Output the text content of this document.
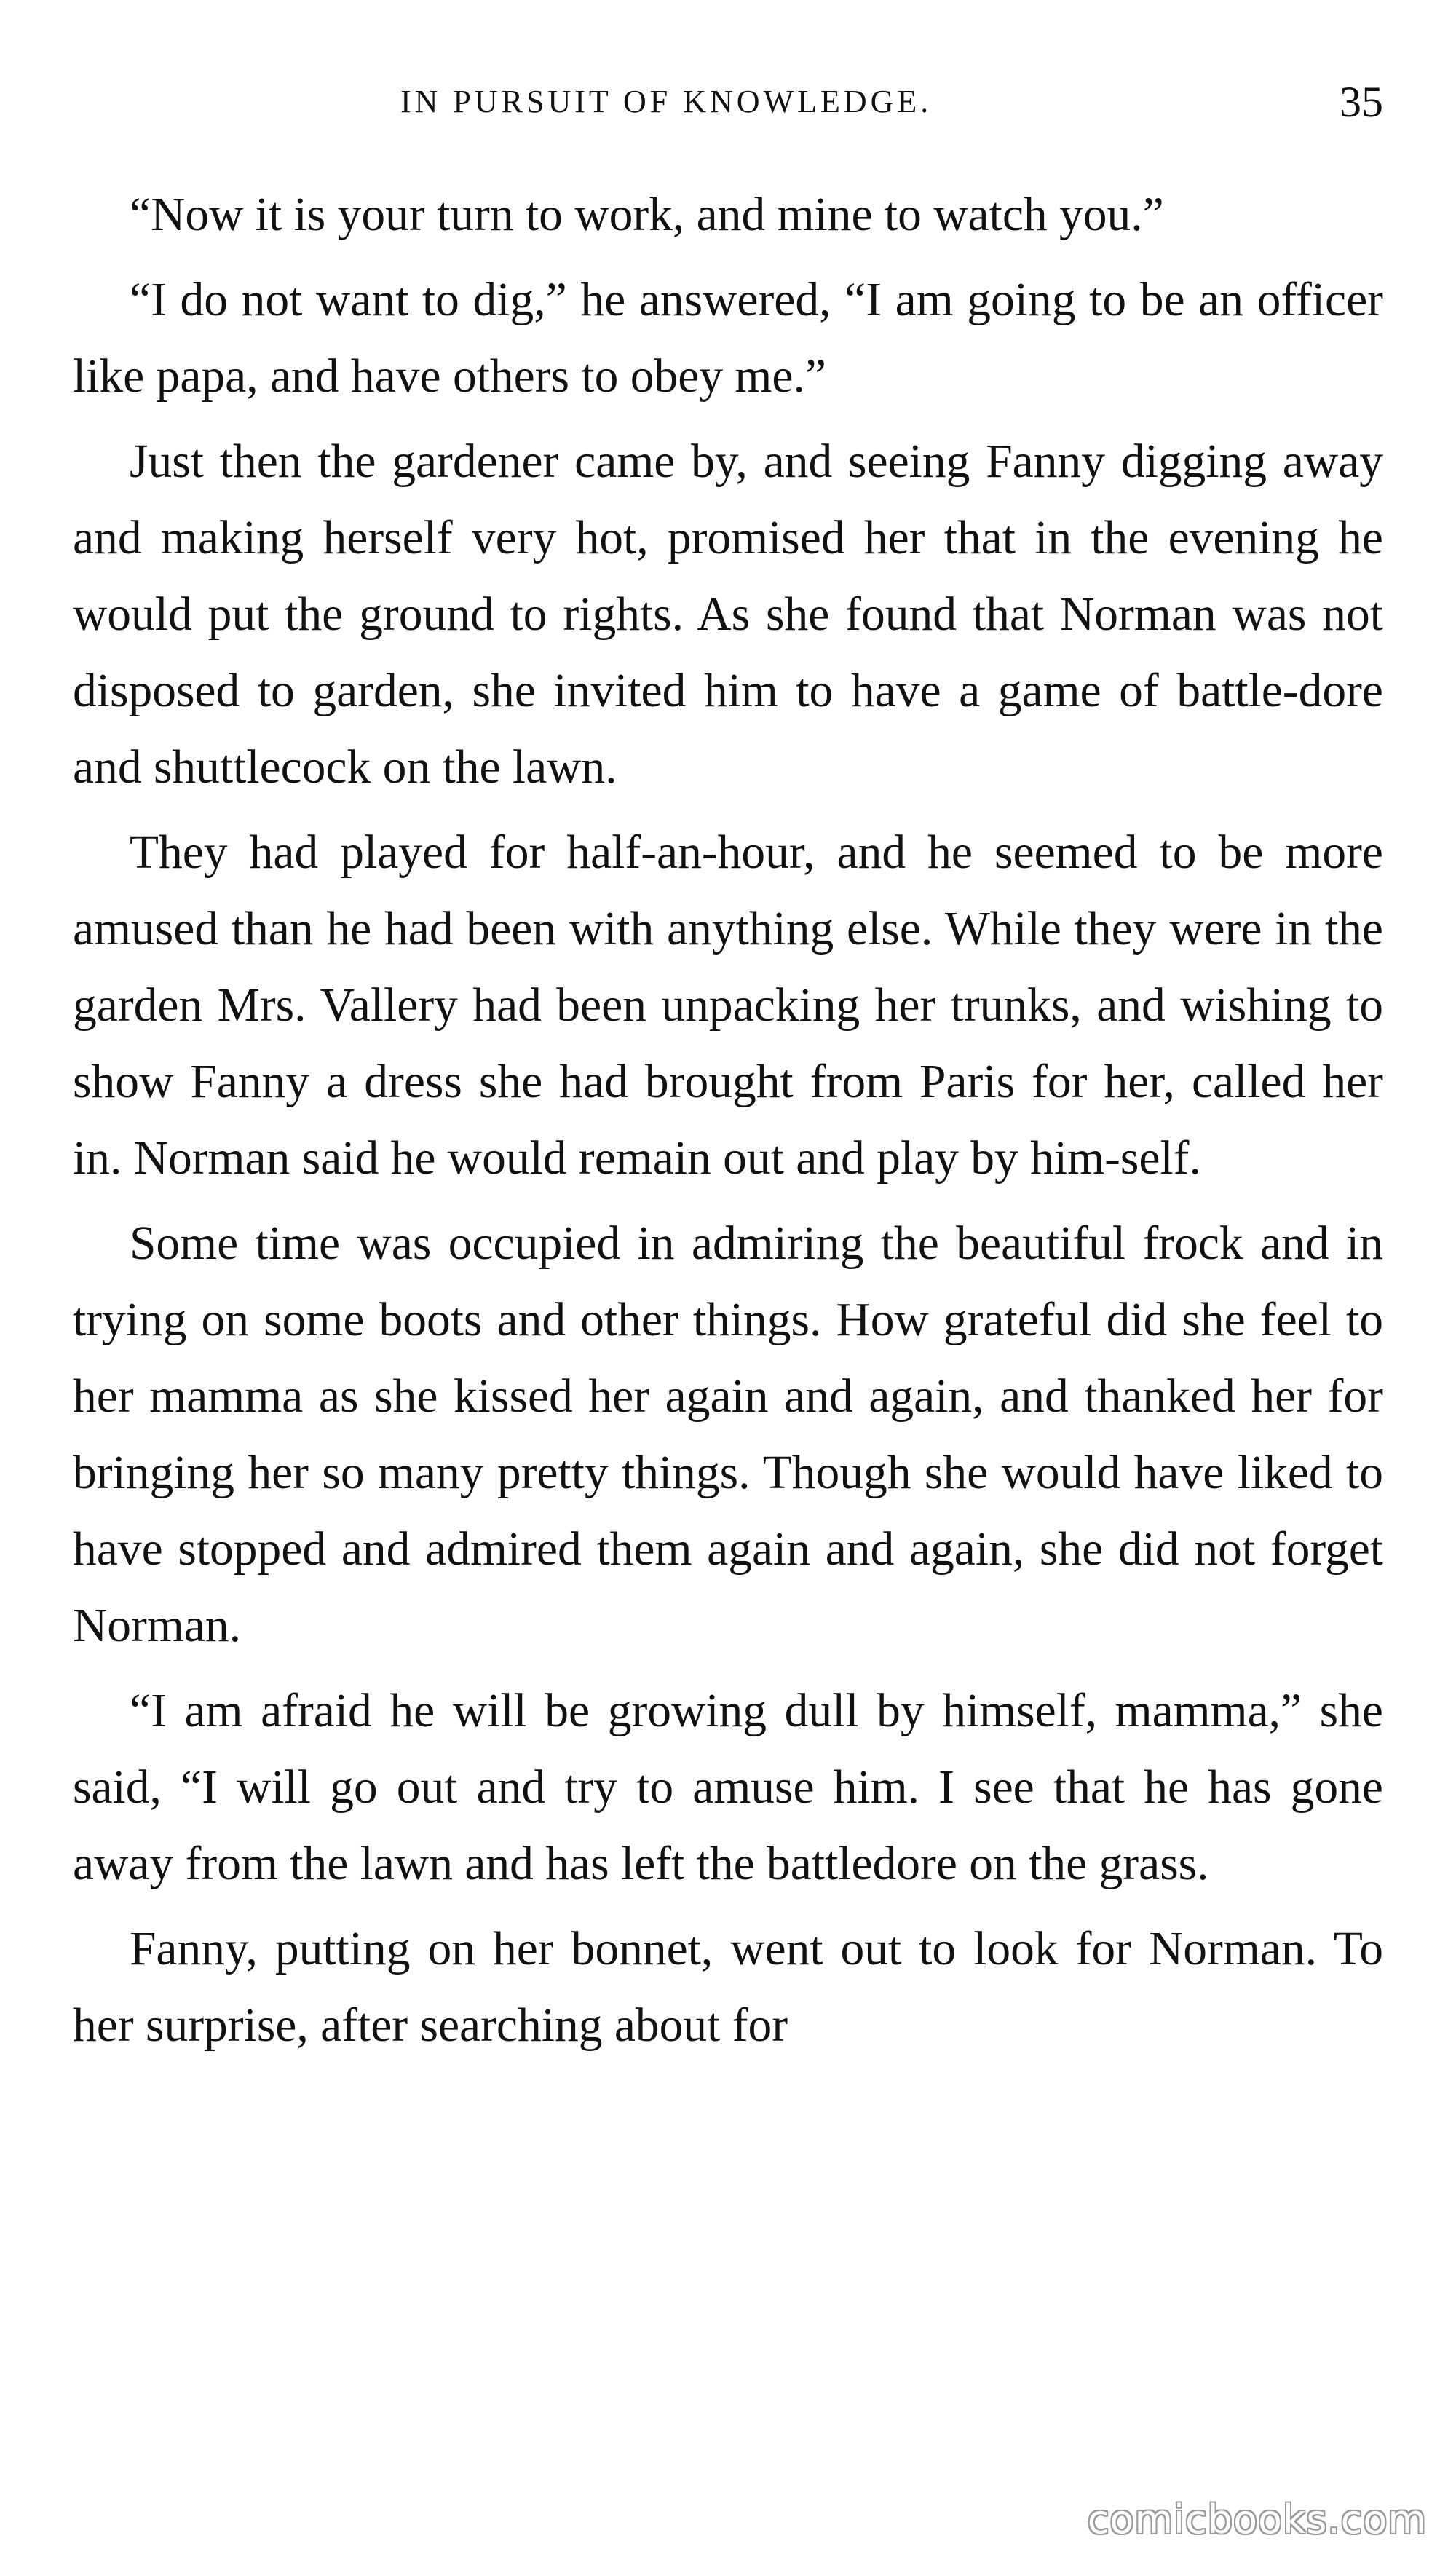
IN PURSUIT OF KNOWLEDGE.	35

“Now it is your turn to work, and mine to watch you.”

“I do not want to dig,” he answered, “I am going to be an officer like papa, and have others to obey me.”

Just then the gardener came by, and seeing Fanny digging away and making herself very hot, promised her that in the evening he would put the ground to rights. As she found that Norman was not disposed to garden, she invited him to have a game of battle-dore and shuttlecock on the lawn.

They had played for half-an-hour, and he seemed to be more amused than he had been with anything else. While they were in the garden Mrs. Vallery had been unpacking her trunks, and wishing to show Fanny a dress she had brought from Paris for her, called her in. Norman said he would remain out and play by him-self.

Some time was occupied in admiring the beautiful frock and in trying on some boots and other things. How grateful did she feel to her mamma as she kissed her again and again, and thanked her for bringing her so many pretty things. Though she would have liked to have stopped and admired them again and again, she did not forget Norman.

“I am afraid he will be growing dull by himself, mamma,” she said, “I will go out and try to amuse him. I see that he has gone away from the lawn and has left the battledore on the grass.

Fanny, putting on her bonnet, went out to look for Norman. To her surprise, after searching about for

comicbooks.com
